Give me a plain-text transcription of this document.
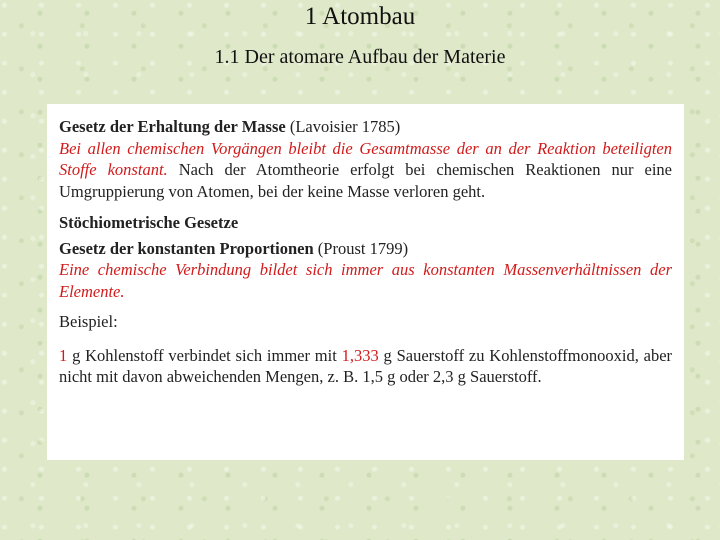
1 Atombau
1.1 Der atomare Aufbau der Materie

Gesetz der Erhaltung der Masse (Lavoisier 1785)

Bei allen chemischen Vorgängen bleibt die Gesamtmasse der an der Reaktion beteiligten Stoffe konstant. Nach der Atomtheorie erfolgt bei chemischen Reaktionen nur eine Umgruppierung von Atomen, bei der keine Masse verloren geht.

Stöchiometrische Gesetze

Gesetz der konstanten Proportionen (Proust 1799)

Eine chemische Verbindung bildet sich immer aus konstanten Massenverhältnissen der Elemente.

Beispiel:

1 g Kohlenstoff verbindet sich immer mit 1,333 g Sauerstoff zu Kohlenstoffmonooxid, aber nicht mit davon abweichenden Mengen, z. B. 1,5 g oder 2,3 g Sauerstoff.
